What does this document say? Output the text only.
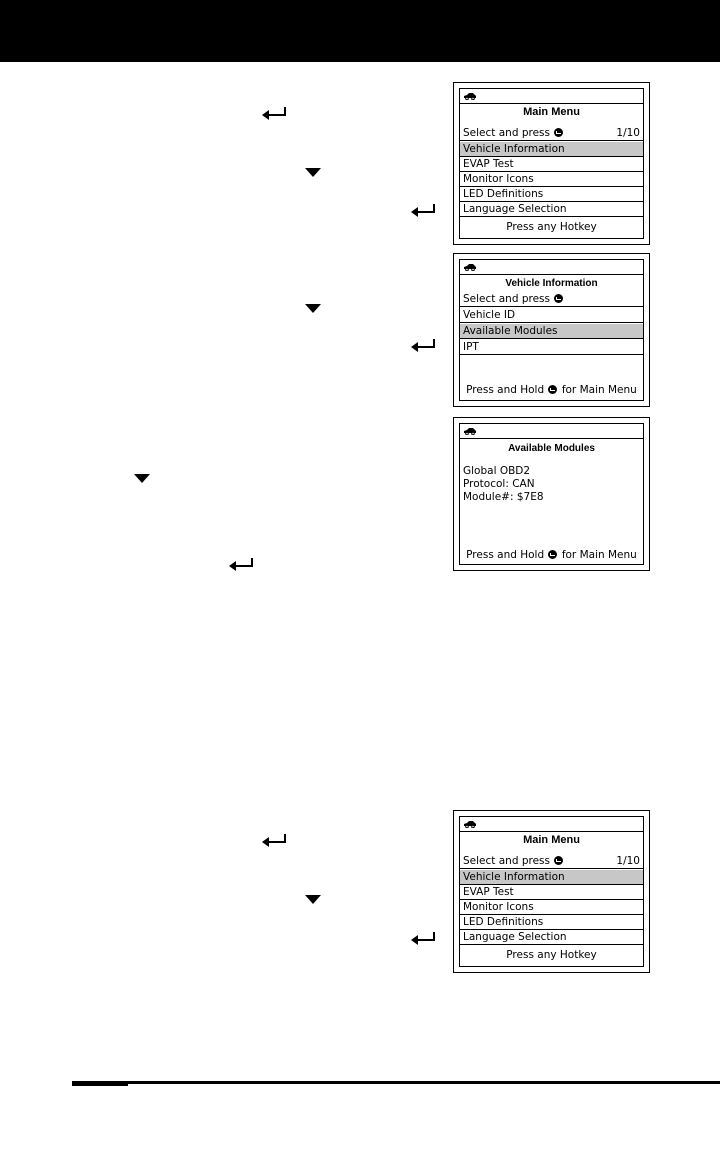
Main Menu
Select and press	1/10
Vehicle Information
EVAP Test
Monitor Icons
LED Definitions
Language Selection
Press any Hotkey
Vehicle Information
Select and press
Vehicle ID
Available Modules
IPT
Press and Hold for Main Menu
Available Modules
Global OBD2
Protocol: CAN
Module#: $7E8
Press and Hold for Main Menu
Main Menu
Select and press	1/10
Vehicle Information
EVAP Test
Monitor Icons
LED Definitions
Language Selection
Press any Hotkey
